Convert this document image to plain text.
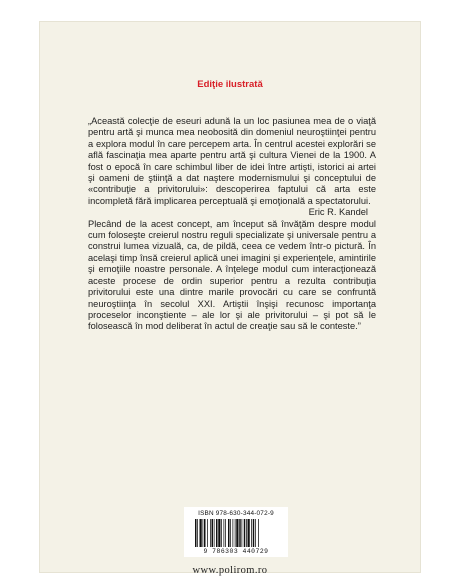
Ediţie ilustrată

„Această colecţie de eseuri adună la un loc pasiunea mea de o viaţă pentru artă şi munca mea neobosită din domeniul neuroştiinţei pentru a explora modul în care percepem arta. În centrul acestei explorări se află fascinaţia mea aparte pentru artă şi cultura Vienei de la 1900. A fost o epocă în care schimbul liber de idei între artişti, istorici ai artei şi oameni de ştiinţă a dat naştere modernismului şi conceptului de «contribuţie a privitorului»: descoperirea faptului că arta este incompletă fără implicarea perceptuală şi emoţională a spectatorului.

Eric R. Kandel

Plecând de la acest concept, am început să învăţăm despre modul cum foloseşte creierul nostru reguli specializate şi universale pentru a construi lumea vizuală, ca, de pildă, ceea ce vedem într-o pictură. În acelaşi timp însă creierul aplică unei imagini şi experienţele, amintirile şi emoţiile noastre personale. A înţelege modul cum interacţionează aceste procese de ordin superior pentru a rezulta contribuţia privitorului este una dintre marile provocări cu care se confruntă neuroştiinţa în secolul XXI. Artiştii înşişi recunosc importanţa proceselor inconştiente – ale lor şi ale privitorului – şi pot să le folosească în mod deliberat în actul de creaţie sau să le conteste.”

ISBN 978-630-344-072-9
9 786303 440729
www.polirom.ro
